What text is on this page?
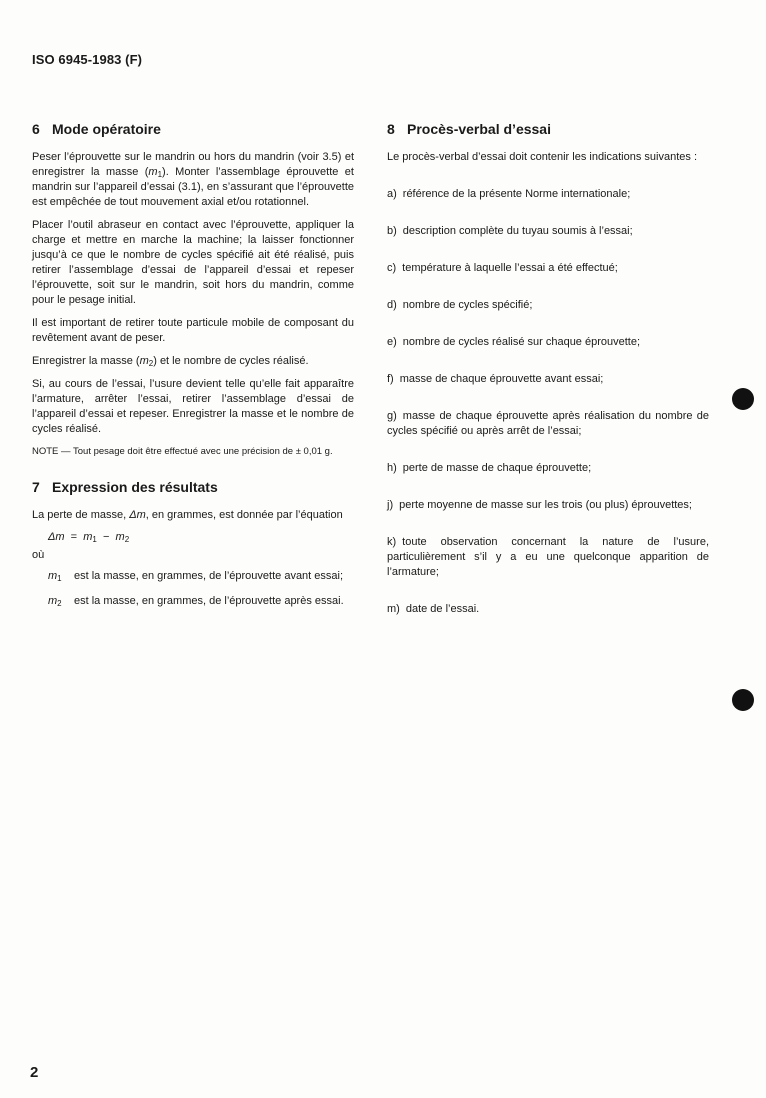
ISO 6945-1983 (F)
6 Mode opératoire

Peser l’éprouvette sur le mandrin ou hors du mandrin (voir 3.5) et enregistrer la masse $(m_1)$. Monter l’assemblage éprouvette et mandrin sur l’appareil d’essai (3.1), en s’assurant que l’éprouvette est empêchée de tout mouvement axial et/ou rotationnel.

Placer l’outil abraseur en contact avec l’éprouvette, appliquer la charge et mettre en marche la machine; la laisser fonctionner jusqu’à ce que le nombre de cycles spécifié ait été réalisé, puis retirer l’assemblage d’essai de l’appareil d’essai et repeser l’éprouvette, soit sur le mandrin, soit hors du mandrin, comme pour le pesage initial.

Il est important de retirer toute particule mobile de composant du revêtement avant de peser.

Enregistrer la masse $(m_2)$ et le nombre de cycles réalisé.

Si, au cours de l’essai, l’usure devient telle qu’elle fait apparaître l’armature, arrêter l’essai, retirer l’assemblage d’essai de l’appareil d’essai et repeser. Enregistrer la masse et le nombre de cycles réalisé.

NOTE — Tout pesage doit être effectué avec une précision de ± 0,01 g.

7 Expression des résultats

La perte de masse, Δm, en grammes, est donnée par l’équation

$\Delta m = m_1 - m_2$
où
$m_1$	est la masse, en grammes, de l’éprouvette avant essai;
$m_2$	est la masse, en grammes, de l’éprouvette après essai.
8 Procès-verbal d’essai

Le procès-verbal d’essai doit contenir les indications suivantes :

a) référence de la présente Norme internationale;
b) description complète du tuyau soumis à l’essai;
c) température à laquelle l’essai a été effectué;
d) nombre de cycles spécifié;
e) nombre de cycles réalisé sur chaque éprouvette;
f) masse de chaque éprouvette avant essai;
g) masse de chaque éprouvette après réalisation du nombre de cycles spécifié ou après arrêt de l’essai;
h) perte de masse de chaque éprouvette;
j) perte moyenne de masse sur les trois (ou plus) éprouvettes;
k) toute observation concernant la nature de l’usure, particulièrement s’il y a eu une quelconque apparition de l’armature;
m) date de l’essai.
2
